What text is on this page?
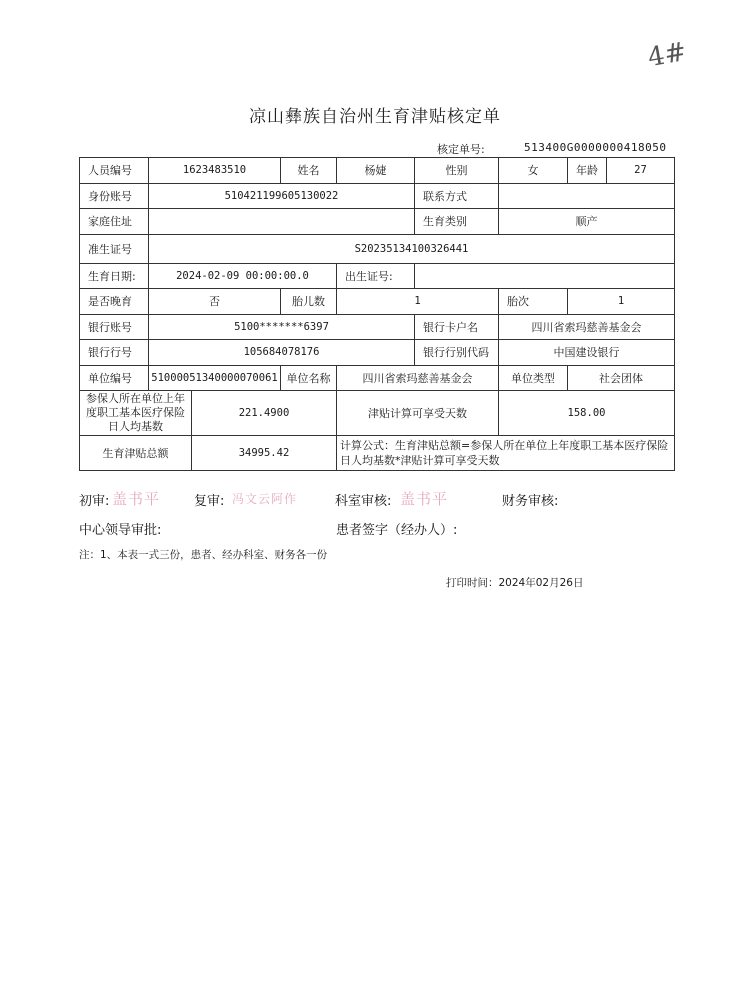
4#
凉山彝族自治州生育津贴核定单
核定单号:	513400G0000000418050
人员编号	1623483510		姓名	杨婕	性别	女	年龄	27
身份账号	510421199605130022				联系方式			
家庭住址					生育类别	顺产		
准生证号	S20235134100326441							
生育日期:	2024-02-09 00:00:00.0			出生证号:				
是否晚育	否		胎儿数	1		胎次	1	
银行账号	5100*******6397				银行卡户名	四川省索玛慈善基金会		
银行行号	105684078176				银行行别代码	中国建设银行		
单位编号	51000051340000070061		单位名称	四川省索玛慈善基金会		单位类型	社会团体	
参保人所在单位上年度职工基本医疗保险日人均基数		221.4900		津贴计算可享受天数		158.00		
生育津贴总额		34995.42		计算公式：生育津贴总额=参保人所在单位上年度职工基本医疗保险日人均基数*津贴计算可享受天数				
初审: 盖书平	复审: 冯文云阿作	科室审核: 盖书平	财务审核:
中心领导审批:	患者签字（经办人）:
注：1、本表一式三份，患者、经办科室、财务各一份
打印时间：2024年02月26日
